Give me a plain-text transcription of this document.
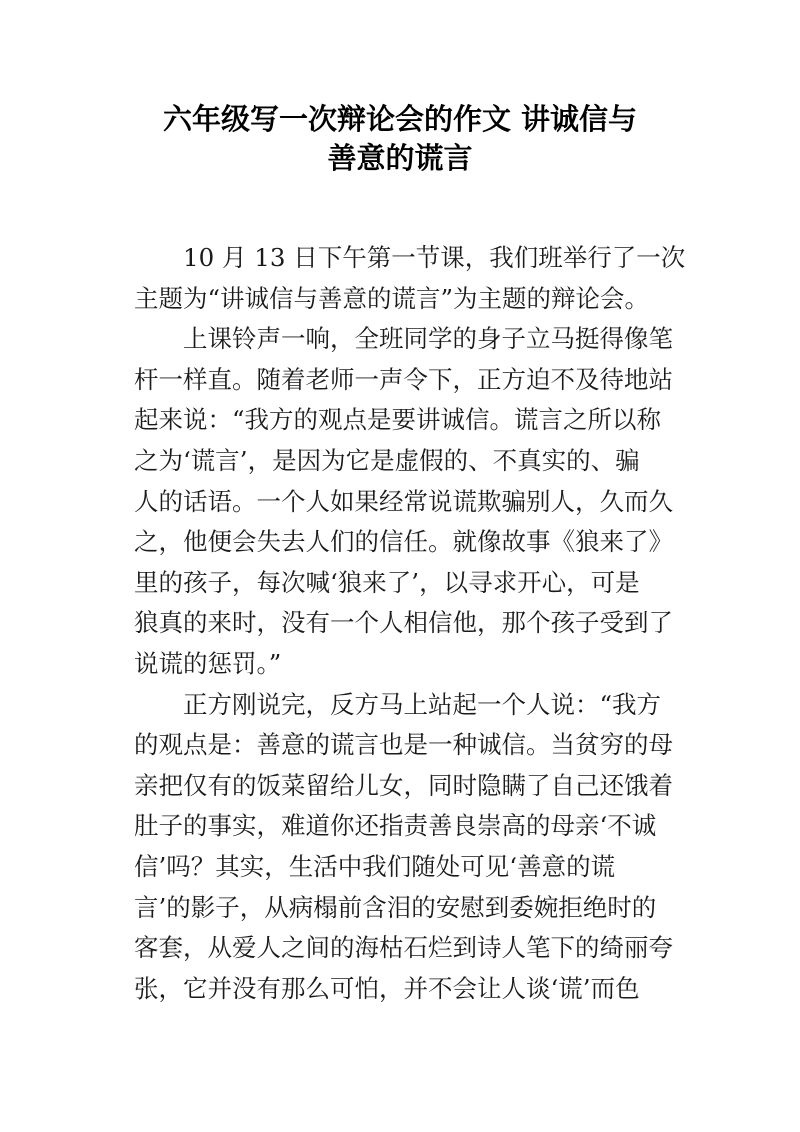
六年级写一次辩论会的作文 讲诚信与
善意的谎言
10 月 13 日下午第一节课，我们班举行了一次
主题为“讲诚信与善意的谎言”为主题的辩论会。
上课铃声一响，全班同学的身子立马挺得像笔
杆一样直。随着老师一声令下，正方迫不及待地站
起来说：“我方的观点是要讲诚信。谎言之所以称
之为‘谎言’，是因为它是虚假的、不真实的、骗
人的话语。一个人如果经常说谎欺骗别人，久而久
之，他便会失去人们的信任。就像故事《狼来了》
里的孩子，每次喊‘狼来了’，以寻求开心，可是
狼真的来时，没有一个人相信他，那个孩子受到了
说谎的惩罚。”
正方刚说完，反方马上站起一个人说：“我方
的观点是：善意的谎言也是一种诚信。当贫穷的母
亲把仅有的饭菜留给儿女，同时隐瞒了自己还饿着
肚子的事实，难道你还指责善良崇高的母亲‘不诚
信’吗？其实，生活中我们随处可见‘善意的谎
言’的影子，从病榻前含泪的安慰到委婉拒绝时的
客套，从爱人之间的海枯石烂到诗人笔下的绮丽夸
张，它并没有那么可怕，并不会让人谈‘谎’而色
